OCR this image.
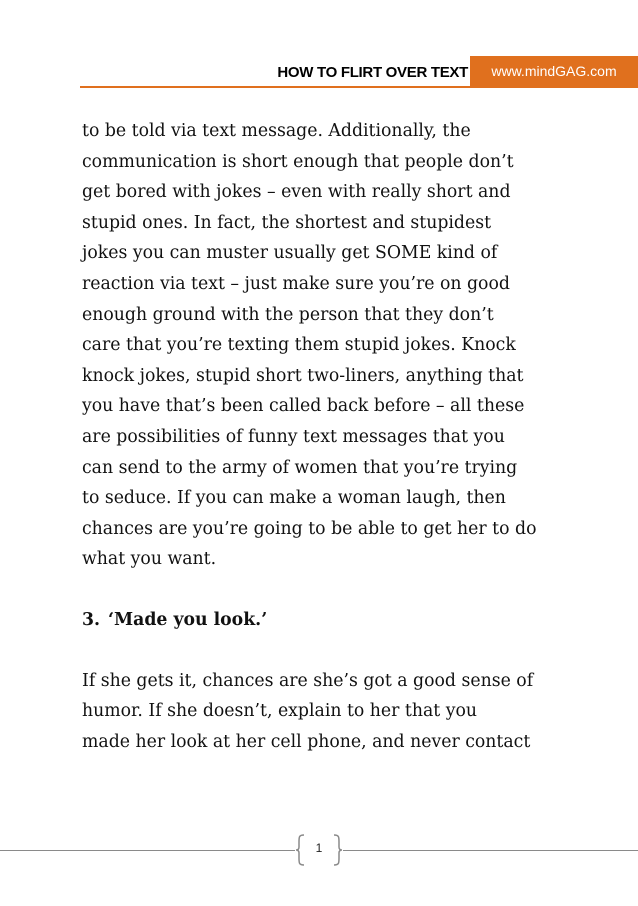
HOW TO FLIRT OVER TEXT	www.mindGAG.com

to be told via text message. Additionally, the
communication is short enough that people don’t
get bored with jokes – even with really short and
stupid ones. In fact, the shortest and stupidest
jokes you can muster usually get SOME kind of
reaction via text – just make sure you’re on good
enough ground with the person that they don’t
care that you’re texting them stupid jokes. Knock
knock jokes, stupid short two-liners, anything that
you have that’s been called back before – all these
are possibilities of funny text messages that you
can send to the army of women that you’re trying
to seduce. If you can make a woman laugh, then
chances are you’re going to be able to get her to do
what you want.

3. ‘Made you look.’

If she gets it, chances are she’s got a good sense of
humor. If she doesn’t, explain to her that you
made her look at her cell phone, and never contact

1
